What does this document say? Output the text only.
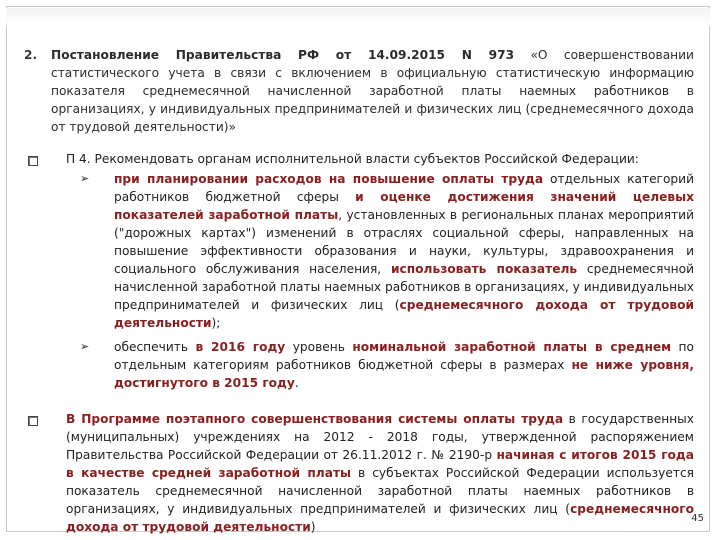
2.	Постановление Правительства РФ от 14.09.2015 N 973 «О совершенствовании статистического учета в связи с включением в официальную статистическую информацию показателя среднемесячной начисленной заработной платы наемных работников в организациях, у индивидуальных предпринимателей и физических лиц (среднемесячного дохода от трудовой деятельности)»
П 4. Рекомендовать органам исполнительной власти субъектов Российской Федерации:
➢	при планировании расходов на повышение оплаты труда отдельных категорий работников бюджетной сферы и оценке достижения значений целевых показателей заработной платы, установленных в региональных планах мероприятий ("дорожных картах") изменений в отраслях социальной сферы, направленных на повышение эффективности образования и науки, культуры, здравоохранения и социального обслуживания населения, использовать показатель среднемесячной начисленной заработной платы наемных работников в организациях, у индивидуальных предпринимателей и физических лиц (среднемесячного дохода от трудовой деятельности);
➢	обеспечить в 2016 году уровень номинальной заработной платы в среднем по отдельным категориям работников бюджетной сферы в размерах не ниже уровня, достигнутого в 2015 году.
В Программе поэтапного совершенствования системы оплаты труда в государственных (муниципальных) учреждениях на 2012 - 2018 годы, утвержденной распоряжением Правительства Российской Федерации от 26.11.2012 г. № 2190-р начиная с итогов 2015 года в качестве средней заработной платы в субъектах Российской Федерации используется показатель среднемесячной начисленной заработной платы наемных работников в организациях, у индивидуальных предпринимателей и физических лиц (среднемесячного дохода от трудовой деятельности)
45
